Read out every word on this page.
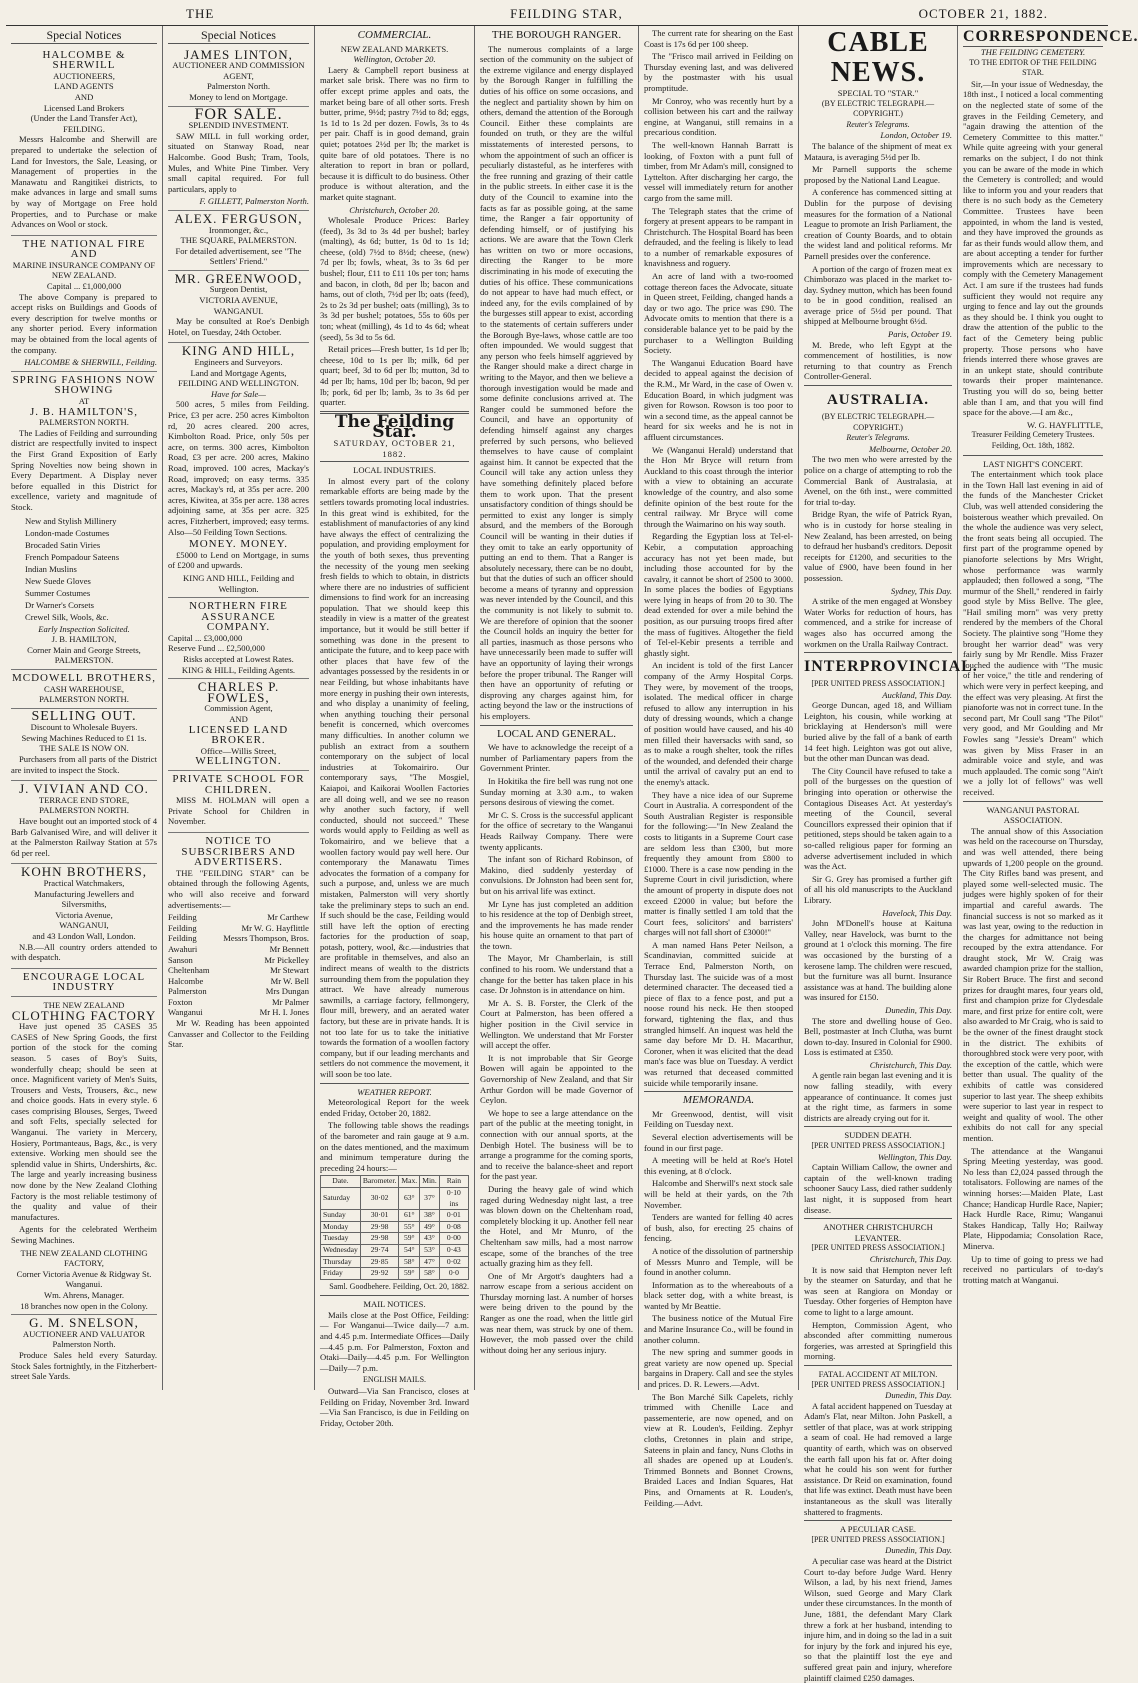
THE	FEILDING STAR,	OCTOBER 21, 1882.
Special Notices
HALCOMBE & SHERWILL
AUCTIONEERS,
LAND AGENTS
AND
Licensed Land Brokers
(Under the Land Transfer Act),
FEILDING.

Messrs Halcombe and Sherwill are prepared to undertake the selection of Land for Investors, the Sale, Leasing, or Management of properties in the Manawatu and Rangitikei districts, to make advances in large and small sums by way of Mortgage on Free hold Properties, and to Purchase or make Advances on Wool or stock.

THE NATIONAL FIRE AND
MARINE INSURANCE COMPANY OF NEW ZEALAND.
Capital ... £1,000,000

The above Company is prepared to accept risks on Buildings and Goods of every description for twelve months or any shorter period. Every information may be obtained from the local agents of the company.

HALCOMBE & SHERWILL, Feilding.
SPRING FASHIONS NOW SHOWING
AT
J. B. HAMILTON'S,
PALMERSTON NORTH.

The Ladies of Feilding and surrounding district are respectfully invited to inspect the First Grand Exposition of Early Spring Novelties now being shown in Every Department. A Display never before equalled in this District for excellence, variety and magnitude of Stock.

New and Stylish Millinery
London-made Costumes
Brocaded Satin Viries
French Pompadour Sateens
Indian Muslins
New Suede Gloves
Summer Costumes
Dr Warner's Corsets
Crewel Silk, Wools, &c.
Early Inspection Solicited.
J. B. HAMILTON,
Corner Main and George Streets, PALMERSTON.
MCDOWELL BROTHERS,
CASH WAREHOUSE,
PALMERSTON NORTH.
SELLING OUT.
Discount to Wholesale Buyers.
Sewing Machines Reduced to £1 1s.
THE SALE IS NOW ON.

Purchasers from all parts of the District are invited to inspect the Stock.

J. VIVIAN AND CO.
TERRACE END STORE,
PALMERSTON NORTH.

Have bought out an imported stock of 4 Barb Galvanised Wire, and will deliver it at the Palmerston Railway Station at 57s 6d per reel.

KOHN BROTHERS,
Practical Watchmakers,
Manufacturing Jewellers and Silversmiths,
Victoria Avenue,
WANGANUI,
and 43 London Wall, London.

N.B.—All country orders attended to with despatch.

ENCOURAGE LOCAL INDUSTRY
THE NEW ZEALAND
CLOTHING FACTORY

Have just opened 35 CASES 35 CASES of New Spring Goods, the first portion of the stock for the coming season. 5 cases of Boy's Suits, wonderfully cheap; should be seen at once. Magnificent variety of Men's Suits, Trousers and Vests, Trousers, &c., new and choice goods. Hats in every style. 6 cases comprising Blouses, Serges, Tweed and soft Felts, specially selected for Wanganui. The variety in Mercery, Hosiery, Portmanteaus, Bags, &c., is very extensive. Working men should see the splendid value in Shirts, Undershirts, &c. The large and yearly increasing business now done by the New Zealand Clothing Factory is the most reliable testimony of the quality and value of their manufactures.

Agents for the celebrated Wertheim Sewing Machines.

THE NEW ZEALAND CLOTHING FACTORY,
Corner Victoria Avenue & Ridgway St. Wanganui.
Wm. Ahrens, Manager.
18 branches now open in the Colony.
G. M. SNELSON,
AUCTIONEER AND VALUATOR
Palmerston North.

Produce Sales held every Saturday. Stock Sales fortnightly, in the Fitzherbert-street Sale Yards.

Special Notices
JAMES LINTON,
AUCTIONEER AND COMMISSION AGENT,
Palmerston North.
Money to lend on Mortgage.
FOR SALE.
SPLENDID INVESTMENT.

SAW MILL in full working order, situated on Stanway Road, near Halcombe. Good Bush; Tram, Tools, Mules, and White Pine Timber. Very small capital required. For full particulars, apply to

F. GILLETT, Palmerston North.
ALEX. FERGUSON,
Ironmonger, &c.,
THE SQUARE, PALMERSTON.
For detailed advertisement, see "The Settlers' Friend."
MR. GREENWOOD,
Surgeon Dentist,
VICTORIA AVENUE,
WANGANUI.

May be consulted at Roe's Denbigh Hotel, on Tuesday, 24th October.

KING AND HILL,
Engineers and Surveyors.
Land and Mortgage Agents,
FEILDING AND WELLINGTON.
Have for Sale—

500 acres, 5 miles from Feilding. Price, £3 per acre. 250 acres Kimbolton rd, 20 acres cleared. 200 acres, Kimbolton Road. Price, only 50s per acre, on terms. 300 acres, Kimbolton Road, £3 per acre. 200 acres, Makino Road, improved. 100 acres, Mackay's Road, improved; on easy terms. 335 acres, Mackay's rd, at 35s per acre. 200 acres, Kiwitea, at 35s per acre. 138 acres adjoining same, at 35s per acre. 325 acres, Fitzherbert, improved; easy terms. Also—50 Feilding Town Sections.

MONEY. MONEY.

£5000 to Lend on Mortgage, in sums of £200 and upwards.

KING AND HILL, Feilding and Wellington.
NORTHERN FIRE ASSURANCE COMPANY.
Capital ... £3,000,000
Reserve Fund ... £2,500,000
Risks accepted at Lowest Rates.
KING & HILL, Feilding Agents.
CHARLES P. FOWLES,
Commission Agent,
AND
LICENSED LAND BROKER.
Office—Willis Street,
WELLINGTON.
PRIVATE SCHOOL FOR CHILDREN.

MISS M. HOLMAN will open a Private School for Children in November.

NOTICE TO SUBSCRIBERS AND ADVERTISERS.

THE "FEILDING STAR" can be obtained through the following Agents, who will also receive and forward advertisements:—

Feilding	Mr Carthew
Feilding	Mr W. G. Hayflittle
Feilding	Messrs Thompson, Bros.
Awahuri	Mr Bennett
Sanson	Mr Pickelley
Cheltenham	Mr Stewart
Halcombe	Mr W. Bell
Palmerston	Mrs Dungan
Foxton	Mr Palmer
Wanganui	Mr H. I. Jones

Mr W. Reading has been appointed Canvasser and Collector to the Feilding Star.

COMMERCIAL.
NEW ZEALAND MARKETS.
Wellington, October 20.

Laery & Campbell report business at market sale brisk. There was no firm to offer except prime apples and oats, the market being bare of all other sorts. Fresh butter, prime, 9½d; pastry 7½d to 8d; eggs, 1s 1d to 1s 2d per dozen. Fowls, 3s to 4s per pair. Chaff is in good demand, grain quiet; potatoes 2½d per lb; the market is quite bare of old potatoes. There is no alteration to report in bran or pollard, because it is difficult to do business. Other produce is without alteration, and the market quite stagnant.

Christchurch, October 20.

Wholesale Produce Prices: Barley (feed), 3s 3d to 3s 4d per bushel; barley (malting), 4s 6d; butter, 1s 0d to 1s 1d; cheese, (old) 7½d to 8½d; cheese, (new) 7d per lb; fowls, wheat, 3s to 3s 6d per bushel; flour, £11 to £11 10s per ton; hams and bacon, in cloth, 8d per lb; bacon and hams, out of cloth, 7½d per lb; oats (feed), 2s to 2s 3d per bushel; oats (milling), 3s to 3s 3d per bushel; potatoes, 55s to 60s per ton; wheat (milling), 4s 1d to 4s 6d; wheat (seed), 5s 3d to 5s 6d.

Retail prices—Fresh butter, 1s 1d per lb; cheese, 10d to 1s per lb; milk, 6d per quart; beef, 3d to 6d per lb; mutton, 3d to 4d per lb; hams, 10d per lb; bacon, 9d per lb; pork, 6d per lb; lamb, 3s to 3s 6d per quarter.

The Feilding Star.
SATURDAY, OCTOBER 21, 1882.
LOCAL INDUSTRIES.

In almost every part of the colony remarkable efforts are being made by the settlers towards promoting local industries. In this great wind is exhibited, for the establishment of manufactories of any kind have always the effect of centralizing the population, and providing employment for the youth of both sexes, thus preventing the necessity of the young men seeking fresh fields to which to obtain, in districts where there are no industries of sufficient dimensions to find work for an increasing population. That we should keep this steadily in view is a matter of the greatest importance, but it would be still better if something was done in the present to anticipate the future, and to keep pace with other places that have few of the advantages possessed by the residents in or near Feilding, but whose inhabitants have more energy in pushing their own interests, and who display a unanimity of feeling, when anything touching their personal benefit is concerned, which overcomes many difficulties. In another column we publish an extract from a southern contemporary on the subject of local industries at Tokomairiro. Our contemporary says, "The Mosgiel, Kaiapoi, and Kaikorai Woollen Factories are all doing well, and we see no reason why another such factory, if well conducted, should not succeed." These words would apply to Feilding as well as Tokomairiro, and we believe that a woollen factory would pay well here. Our contemporary the Manawatu Times advocates the formation of a company for such a purpose, and, unless we are much mistaken, Palmerston will very shortly take the preliminary steps to such an end. If such should be the case, Feilding would still have left the option of erecting factories for the production of soap, potash, pottery, wool, &c.—industries that are profitable in themselves, and also an indirect means of wealth to the districts surrounding them from the population they attract. We have already numerous sawmills, a carriage factory, fellmongery, flour mill, brewery, and an aerated water factory, but these are in private hands. It is not too late for us to take the initiative towards the formation of a woollen factory company, but if our leading merchants and settlers do not commence the movement, it will soon be too late.

WEATHER REPORT.

Meteorological Report for the week ended Friday, October 20, 1882.

The following table shows the readings of the barometer and rain gauge at 9 a.m. on the dates mentioned, and the maximum and minimum temperature during the preceding 24 hours:—

Date.	Barometer.	Max.	Min.	Rain
Saturday	30·02	63°	37°	0·10 ins
Sunday	30·01	61°	38°	0·01
Monday	29·98	55°	49°	0·08
Tuesday	29·98	59°	43°	0·00
Wednesday	29·74	54°	53°	0·43
Thursday	29·85	58°	47°	0·02
Friday	29·92	59°	58°	0·0
Saml. Goodbehere. Feilding, Oct. 20, 1882.
MAIL NOTICES.

Mails close at the Post Office, Feilding:— For Wanganui—Twice daily—7 a.m. and 4.45 p.m. Intermediate Offices—Daily—4.45 p.m. For Palmerston, Foxton and Otaki—Daily—4.45 p.m. For Wellington—Daily—7 p.m.

ENGLISH MAILS.

Outward—Via San Francisco, closes at Feilding on Friday, November 3rd. Inward—Via San Francisco, is due in Feilding on Friday, October 20th.

THE BOROUGH RANGER.

The numerous complaints of a large section of the community on the subject of the extreme vigilance and energy displayed by the Borough Ranger in fulfilling the duties of his office on some occasions, and the neglect and partiality shown by him on others, demand the attention of the Borough Council. Either these complaints are founded on truth, or they are the wilful misstatements of interested persons, to whom the appointment of such an officer is peculiarly distasteful, as he interferes with the free running and grazing of their cattle in the public streets. In either case it is the duty of the Council to examine into the facts as far as possible going, at the same time, the Ranger a fair opportunity of defending himself, or of justifying his actions. We are aware that the Town Clerk has written on two or more occasions, directing the Ranger to be more discriminating in his mode of executing the duties of his office. These communications do not appear to have had much effect, or indeed any, for the evils complained of by the burgesses still appear to exist, according to the statements of certain sufferers under the Borough Bye-laws, whose cattle are too often impounded. We would suggest that any person who feels himself aggrieved by the Ranger should make a direct charge in writing to the Mayor, and then we believe a thorough investigation would be made and some definite conclusions arrived at. The Ranger could be summoned before the Council, and have an opportunity of defending himself against any charges preferred by such persons, who believed themselves to have cause of complaint against him. It cannot be expected that the Council will take any action unless they have something definitely placed before them to work upon. That the present unsatisfactory condition of things should be permitted to exist any longer is simply absurd, and the members of the Borough Council will be wanting in their duties if they omit to take an early opportunity of putting an end to them. That a Ranger is absolutely necessary, there can be no doubt, but that the duties of such an officer should become a means of tyranny and oppression was never intended by the Council, and this the community is not likely to submit to. We are therefore of opinion that the sooner the Council holds an inquiry the better for all parties, inasmuch as those persons who have unnecessarily been made to suffer will have an opportunity of laying their wrongs before the proper tribunal. The Ranger will then have an opportunity of refuting or disproving any charges against him, for acting beyond the law or the instructions of his employers.

LOCAL AND GENERAL.

We have to acknowledge the receipt of a number of Parliamentary papers from the Government Printer.

In Hokitika the fire bell was rung not one Sunday morning at 3.30 a.m., to waken persons desirous of viewing the comet.

Mr C. S. Cross is the successful applicant for the office of secretary to the Wanganui Heads Railway Company. There were twenty applicants.

The infant son of Richard Robinson, of Makino, died suddenly yesterday of convulsions. Dr Johnston had been sent for, but on his arrival life was extinct.

Mr Lyne has just completed an addition to his residence at the top of Denbigh street, and the improvements he has made render his house quite an ornament to that part of the town.

The Mayor, Mr Chamberlain, is still confined to his room. We understand that a change for the better has taken place in his case. Dr Johnston is in attendance on him.

Mr A. S. B. Forster, the Clerk of the Court at Palmerston, has been offered a higher position in the Civil service in Wellington. We understand that Mr Forster will accept the offer.

It is not improbable that Sir George Bowen will again be appointed to the Governorship of New Zealand, and that Sir Arthur Gordon will be made Governor of Ceylon.

We hope to see a large attendance on the part of the public at the meeting tonight, in connection with our annual sports, at the Denbigh Hotel. The business will be to arrange a programme for the coming sports, and to receive the balance-sheet and report for the past year.

During the heavy gale of wind which raged during Wednesday night last, a tree was blown down on the Cheltenham road, completely blocking it up. Another fell near the Hotel, and Mr Munro, of the Cheltenham saw mills, had a most narrow escape, some of the branches of the tree actually grazing him as they fell.

One of Mr Argott's daughters had a narrow escape from a serious accident on Thursday morning last. A number of horses were being driven to the pound by the Ranger as one the road, when the little girl was near them, was struck by one of them. However, the mob passed over the child without doing her any serious injury.

The current rate for shearing on the East Coast is 17s 6d per 100 sheep.

The "Frisco mail arrived in Feilding on Thursday evening last, and was delivered by the postmaster with his usual promptitude.

Mr Conroy, who was recently hurt by a collision between his cart and the railway engine, at Wanganui, still remains in a precarious condition.

The well-known Hannah Barratt is looking, of Foxton with a punt full of timber, from Mr Adam's mill, consigned to Lyttelton. After discharging her cargo, the vessel will immediately return for another cargo from the same mill.

The Telegraph states that the crime of forgery at present appears to be rampant in Christchurch. The Hospital Board has been defrauded, and the feeling is likely to lead to a number of remarkable exposures of knavishness and roguery.

An acre of land with a two-roomed cottage thereon faces the Advocate, situate in Queen street, Feilding, changed hands a day or two ago. The price was £90. The Advocate omits to mention that there is a considerable balance yet to be paid by the purchaser to a Wellington Building Society.

The Wanganui Education Board have decided to appeal against the decision of the R.M., Mr Ward, in the case of Owen v. Education Board, in which judgment was given for Rowson. Rowson is too poor to win a second time, as the appeal cannot be heard for six weeks and he is not in affluent circumstances.

We (Wanganui Herald) understand that the Hon Mr Bryce will return from Auckland to this coast through the interior with a view to obtaining an accurate knowledge of the country, and also some definite opinion of the best route for the central railway. Mr Bryce will come through the Waimarino on his way south.

Regarding the Egyptian loss at Tel-el-Kebir, a computation approaching accuracy has not yet been made, but including those accounted for by the cavalry, it cannot be short of 2500 to 3000. In some places the bodies of Egyptians were lying in heaps of from 20 to 30. The dead extended for over a mile behind the position, as our pursuing troops fired after the mass of fugitives. Altogether the field of Tel-el-Kebir presents a terrible and ghastly sight.

An incident is told of the first Lancer company of the Army Hospital Corps. They were, by movement of the troops, isolated. The medical officer in charge refused to allow any interruption in his duty of dressing wounds, which a change of position would have caused, and his 40 men filled their haversacks with sand, so as to make a rough shelter, took the rifles of the wounded, and defended their charge until the arrival of cavalry put an end to the enemy's attack.

They have a nice idea of our Supreme Court in Australia. A correspondent of the South Australian Register is responsible for the following:—"In New Zealand the costs to litigants in a Supreme Court case are seldom less than £300, but more frequently they amount from £800 to £1000. There is a case now pending in the Supreme Court in civil jurisdiction, where the amount of property in dispute does not exceed £2000 in value; but before the matter is finally settled I am told that the Court fees, solicitors' and barristers' charges will not fall short of £3000!"

A man named Hans Peter Neilson, a Scandinavian, committed suicide at Terrace End, Palmerston North, on Thursday last. The suicide was of a most determined character. The deceased tied a piece of flax to a fence post, and put a noose round his neck. He then stooped forward, tightening the flax, and thus strangled himself. An inquest was held the same day before Mr D. H. Macarthur, Coroner, when it was elicited that the dead man's face was blue on Tuesday. A verdict was returned that deceased committed suicide while temporarily insane.

MEMORANDA.

Mr Greenwood, dentist, will visit Feilding on Tuesday next.

Several election advertisements will be found in our first page.

A meeting will be held at Roe's Hotel this evening, at 8 o'clock.

Halcombe and Sherwill's next stock sale will be held at their yards, on the 7th November.

Tenders are wanted for felling 40 acres of bush, also, for erecting 25 chains of fencing.

A notice of the dissolution of partnership of Messrs Munro and Temple, will be found in another column.

Information as to the whereabouts of a black setter dog, with a white breast, is wanted by Mr Beattie.

The business notice of the Mutual Fire and Marine Insurance Co., will be found in another column.

The new spring and summer goods in great variety are now opened up. Special bargains in Drapery. Call and see the styles and prices. D. R. Lewers.—Advt.

The Bon Marché Silk Capelets, richly trimmed with Chenille Lace and passementerie, are now opened, and on view at R. Louden's, Feilding. Zephyr cloths, Cretonnes in plain and stripe, Sateens in plain and fancy, Nuns Cloths in all shades are opened up at Louden's. Trimmed Bonnets and Bonnet Crowns, Braided Laces and Indian Squares, Hat Pins, and Ornaments at R. Louden's, Feilding.—Advt.

CABLE NEWS.
SPECIAL TO "STAR."
(BY ELECTRIC TELEGRAPH.—COPYRIGHT.)
Reuter's Telegrams.
London, October 19.

The balance of the shipment of meat ex Mataura, is averaging 5½d per lb.

Mr Parnell supports the scheme proposed by the National Land League.

A conference has commenced sitting at Dublin for the purpose of devising measures for the formation of a National League to promote an Irish Parliament, the creation of County Boards, and to obtain the widest land and political reforms. Mr Parnell presides over the conference.

A portion of the cargo of frozen meat ex Chimborazo was placed in the market to-day. Sydney mutton, which has been found to be in good condition, realised an average price of 5½d per pound. That shipped at Melbourne brought 6½d.

Paris, October 19.

M. Brede, who left Egypt at the commencement of hostilities, is now returning to that country as French Controller-General.

AUSTRALIA.
(BY ELECTRIC TELEGRAPH.—COPYRIGHT.)
Reuter's Telegrams.
Melbourne, October 20.

The two men who were arrested by the police on a charge of attempting to rob the Commercial Bank of Australasia, at Avenel, on the 6th inst., were committed for trial to-day.

Bridge Ryan, the wife of Patrick Ryan, who is in custody for horse stealing in New Zealand, has been arrested, on being to defraud her husband's creditors. Deposit receipts for £1200, and securities to the value of £900, have been found in her possession.

Sydney, This Day.

A strike of the men engaged at Wonsbey Water Works for reduction of hours, has commenced, and a strike for increase of wages also has occurred among the workmen on the Uralla Railway Contract.

INTERPROVINCIAL.
[PER UNITED PRESS ASSOCIATION.]
Auckland, This Day.

George Duncan, aged 18, and William Leighton, his cousin, while working at bricklaying at Henderson's mill were buried alive by the fall of a bank of earth 14 feet high. Leighton was got out alive, but the other man Duncan was dead.

The City Council have refused to take a poll of the burgesses on the question of bringing into operation or otherwise the Contagious Diseases Act. At yesterday's meeting of the Council, several Councillors expressed their opinion that if petitioned, steps should be taken again to a so-called religious paper for forming an adverse advertisement included in which was the Act.

Sir G. Grey has promised a further gift of all his old manuscripts to the Auckland Library.

Havelock, This Day.

John M'Donell's house at Kaituna Valley, near Havelock, was burnt to the ground at 1 o'clock this morning. The fire was occasioned by the bursting of a kerosene lamp. The children were rescued, but the furniture was all burnt. Insurance assistance was at hand. The building alone was insured for £150.

Dunedin, This Day.

The store and dwelling house of Geo. Bell, postmaster at Inch Clutha, was burnt down to-day. Insured in Colonial for £900. Loss is estimated at £350.

Christchurch, This Day.

A gentle rain began last evening and it is now falling steadily, with every appearance of continuance. It comes just at the right time, as farmers in some districts are already crying out for it.

SUDDEN DEATH.
[PER UNITED PRESS ASSOCIATION.]
Wellington, This Day.

Captain William Callow, the owner and captain of the well-known trading schooner Saucy Lass, died rather suddenly last night, it is supposed from heart disease.

ANOTHER CHRISTCHURCH LEVANTER.
[PER UNITED PRESS ASSOCIATION.]
Christchurch, This Day.

It is now said that Hempton never left by the steamer on Saturday, and that he was seen at Rangiora on Monday or Tuesday. Other forgeries of Hempton have come to light to a large amount.

Hempton, Commission Agent, who absconded after committing numerous forgeries, was arrested at Springfield this morning.

FATAL ACCIDENT AT MILTON.
[PER UNITED PRESS ASSOCIATION.]
Dunedin, This Day.

A fatal accident happened on Tuesday at Adam's Flat, near Milton. John Paskell, a settler of that place, was at work stripping a seam of coal. He had removed a large quantity of earth, which was on observed the earth fall upon his fat or. After doing what he could his son went for further assistance. Dr Reid on examination, found that life was extinct. Death must have been instantaneous as the skull was literally shattered to fragments.

A PECULIAR CASE.
[PER UNITED PRESS ASSOCIATION.]
Dunedin, This Day.

A peculiar case was heard at the District Court to-day before Judge Ward. Henry Wilson, a lad, by his next friend, James Wilson, sued George and Mary Clark under these circumstances. In the month of June, 1881, the defendant Mary Clark threw a fork at her husband, intending to injure him, and in doing so the lad in a suit for injury by the fork and injured his eye, so that the plaintiff lost the eye and suffered great pain and injury, wherefore plaintiff claimed £250 damages.

CORRESPONDENCE.
THE FEILDING CEMETERY.
TO THE EDITOR OF THE FEILDING STAR.

Sir,—In your issue of Wednesday, the 18th inst., I noticed a local commenting on the neglected state of some of the graves in the Feilding Cemetery, and "again drawing the attention of the Cemetery Committee to this matter." While quite agreeing with your general remarks on the subject, I do not think you can be aware of the mode in which the Cemetery is controlled; and would like to inform you and your readers that there is no such body as the Cemetery Committee. Trustees have been appointed, in whom the land is vested, and they have improved the grounds as far as their funds would allow them, and are about accepting a tender for further improvements which are necessary to comply with the Cemetery Management Act. I am sure if the trustees had funds sufficient they would not require any urging to fence and lay out the grounds as they should be. I think you ought to draw the attention of the public to the fact of the Cemetery being public property. Those persons who have friends interred there whose graves are in an unkept state, should contribute towards their proper maintenance. Trusting you will do so, being better able than I am, and that you will find space for the above.—I am &c.,

W. G. HAYFLITTLE,
Treasurer Feilding Cemetery Trustees. Feilding, Oct. 18th, 1882.
LAST NIGHT'S CONCERT.

The entertainment which took place in the Town Hall last evening in aid of the funds of the Manchester Cricket Club, was well attended considering the boisterous weather which prevailed. On the whole the audience was very select, the front seats being all occupied. The first part of the programme opened by pianoforte selections by Mrs Wright, whose performance was warmly applauded; then followed a song, "The murmur of the Shell," rendered in fairly good style by Miss Bellve. The glee, "Hail smiling morn" was very pretty rendered by the members of the Choral Society. The plaintive song "Home they brought her warrior dead" was very fairly sung by Mr Rendle. Miss Frazer touched the audience with "The music of her voice," the title and rendering of which were very in perfect keeping, and the effect was very pleasing. At first the pianoforte was not in correct tune. In the second part, Mr Coull sang "The Pilot" very good, and Mr Goulding and Mr Fowles sang "Jessie's Dream" which was given by Miss Fraser in an admirable voice and style, and was much applauded. The comic song "Ain't we a jolly lot of fellows" was well received.

WANGANUI PASTORAL ASSOCIATION.

The annual show of this Association was held on the racecourse on Thursday, and was well attended, there being upwards of 1,200 people on the ground. The City Rifles band was present, and played some well-selected music. The judges were highly spoken of for their impartial and careful awards. The financial success is not so marked as it was last year, owing to the reduction in the charges for admittance not being recouped by the extra attendance. For draught stock, Mr W. Craig was awarded champion prize for the stallion, Sir Robert Bruce. The first and second prizes for draught mares, four years old, first and champion prize for Clydesdale mare, and first prize for entire colt, were also awarded to Mr Craig, who is said to be the owner of the finest draught stock in the district. The exhibits of thoroughbred stock were very poor, with the exception of the cattle, which were better than usual. The quality of the exhibits of cattle was considered superior to last year. The sheep exhibits were superior to last year in respect to weight and quality of wool. The other exhibits do not call for any special mention.

The attendance at the Wanganui Spring Meeting yesterday, was good. No less than £2,024 passed through the totalisators. Following are names of the winning horses:—Maiden Plate, Last Chance; Handicap Hurdle Race, Napier; Hack Hurdle Race, Rimu; Wanganui Stakes Handicap, Tally Ho; Railway Plate, Hippodamia; Consolation Race, Minerva.

Up to time of going to press we had received no particulars of to-day's trotting match at Wanganui.
